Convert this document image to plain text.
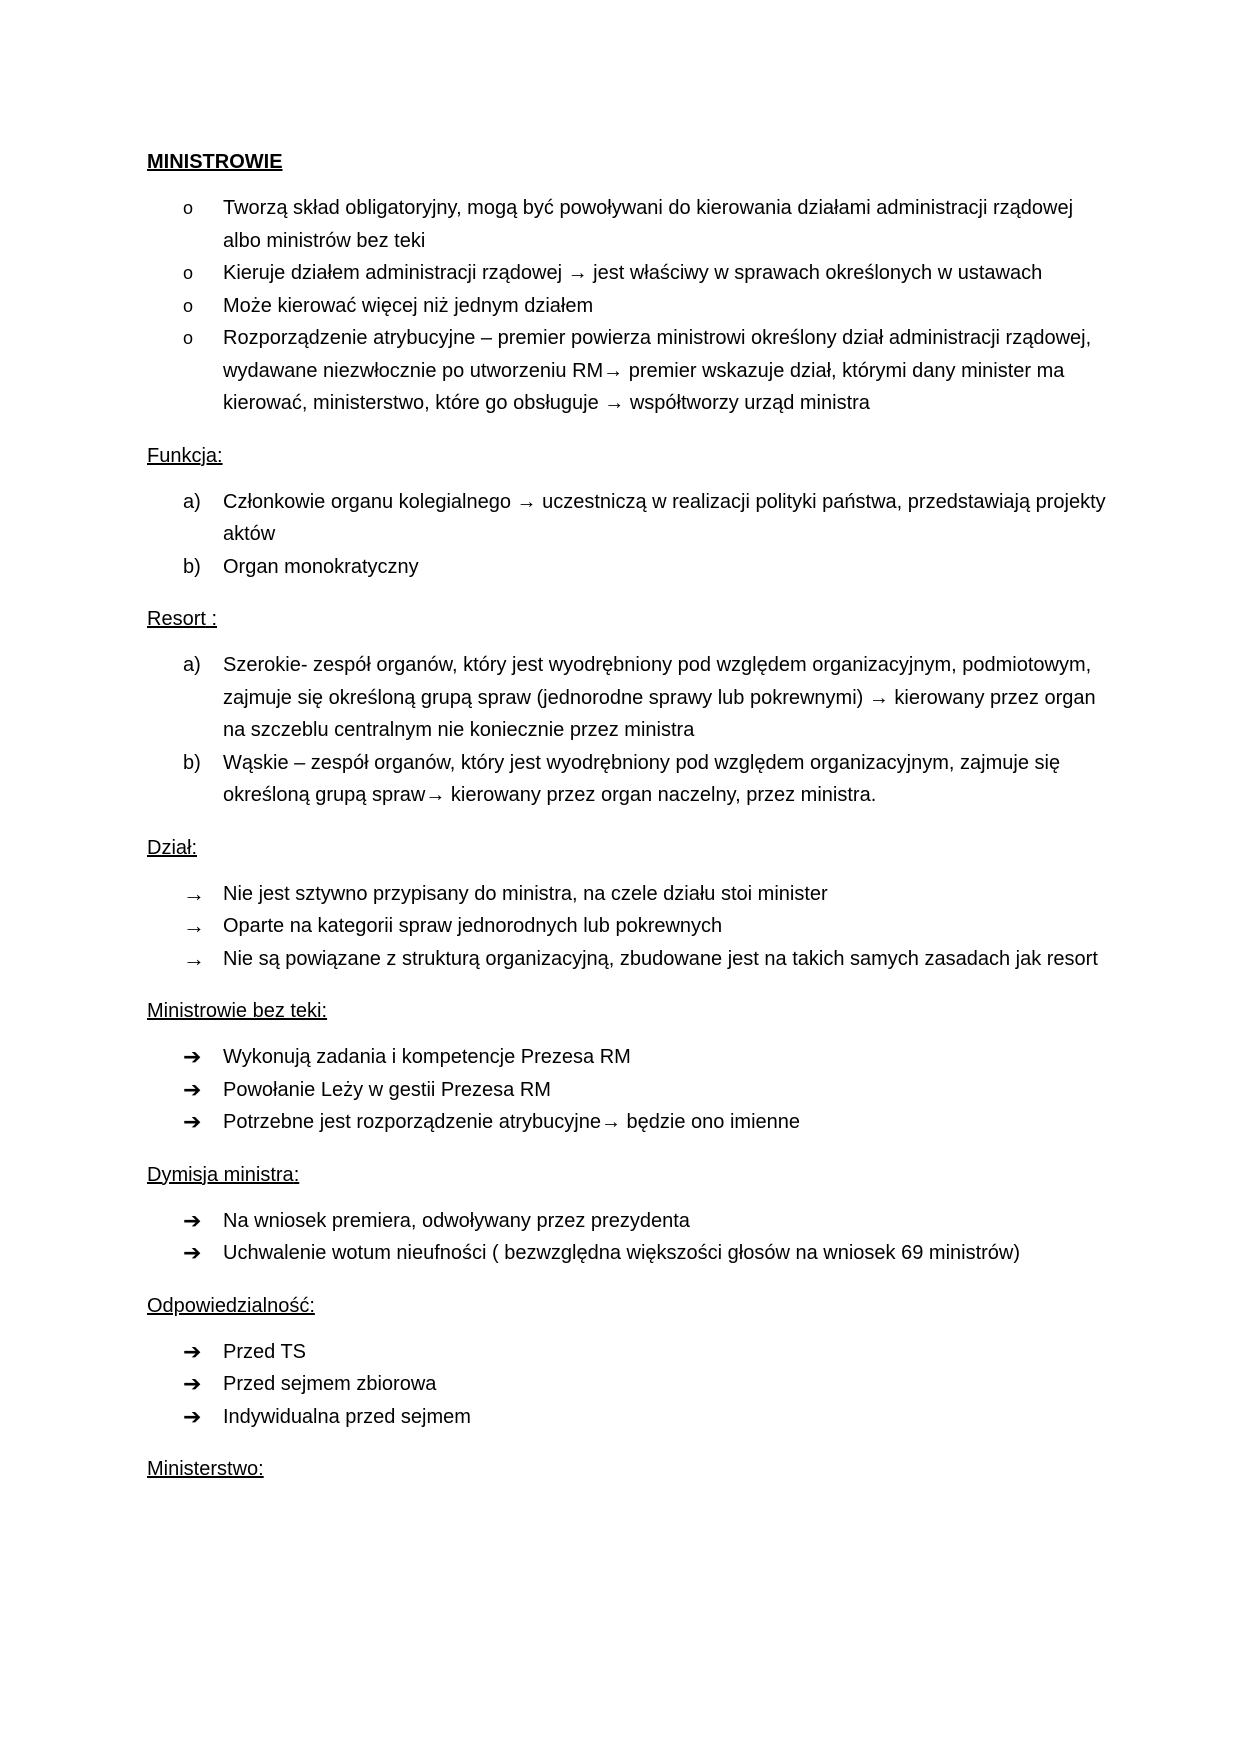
MINISTROWIE
o	Tworzą skład obligatoryjny, mogą być powoływani do kierowania działami administracji rządowej albo ministrów bez teki
o	Kieruje działem administracji rządowej → jest właściwy w sprawach określonych w ustawach
o	Może kierować więcej niż jednym działem
o	Rozporządzenie atrybucyjne – premier powierza ministrowi określony dział administracji rządowej, wydawane niezwłocznie po utworzeniu RM→ premier wskazuje dział, którymi dany minister ma kierować, ministerstwo, które go obsługuje → współtworzy urząd ministra
Funkcja:
a)	Członkowie organu kolegialnego → uczestniczą w realizacji polityki państwa, przedstawiają projekty aktów
b)	Organ monokratyczny
Resort :
a)	Szerokie- zespół organów, który jest wyodrębniony pod względem organizacyjnym, podmiotowym, zajmuje się określoną grupą spraw (jednorodne sprawy lub pokrewnymi) → kierowany przez organ na szczeblu centralnym nie koniecznie przez ministra
b)	Wąskie – zespół organów, który jest wyodrębniony pod względem organizacyjnym, zajmuje się określoną grupą spraw→ kierowany przez organ naczelny, przez ministra.
Dział:
→ Nie jest sztywno przypisany do ministra, na czele działu stoi minister
→ Oparte na kategorii spraw jednorodnych lub pokrewnych
→ Nie są powiązane z strukturą organizacyjną, zbudowane jest na takich samych zasadach jak resort
Ministrowie bez teki:
➔	Wykonują zadania i kompetencje Prezesa RM
➔	Powołanie Leży w gestii Prezesa RM
➔	Potrzebne jest rozporządzenie atrybucyjne→ będzie ono imienne
Dymisja ministra:
➔	Na wniosek premiera, odwoływany przez prezydenta
➔	Uchwalenie wotum nieufności ( bezwzględna większości głosów na wniosek 69 ministrów)
Odpowiedzialność:
➔	Przed TS
➔	Przed sejmem zbiorowa
➔	Indywidualna przed sejmem
Ministerstwo:
